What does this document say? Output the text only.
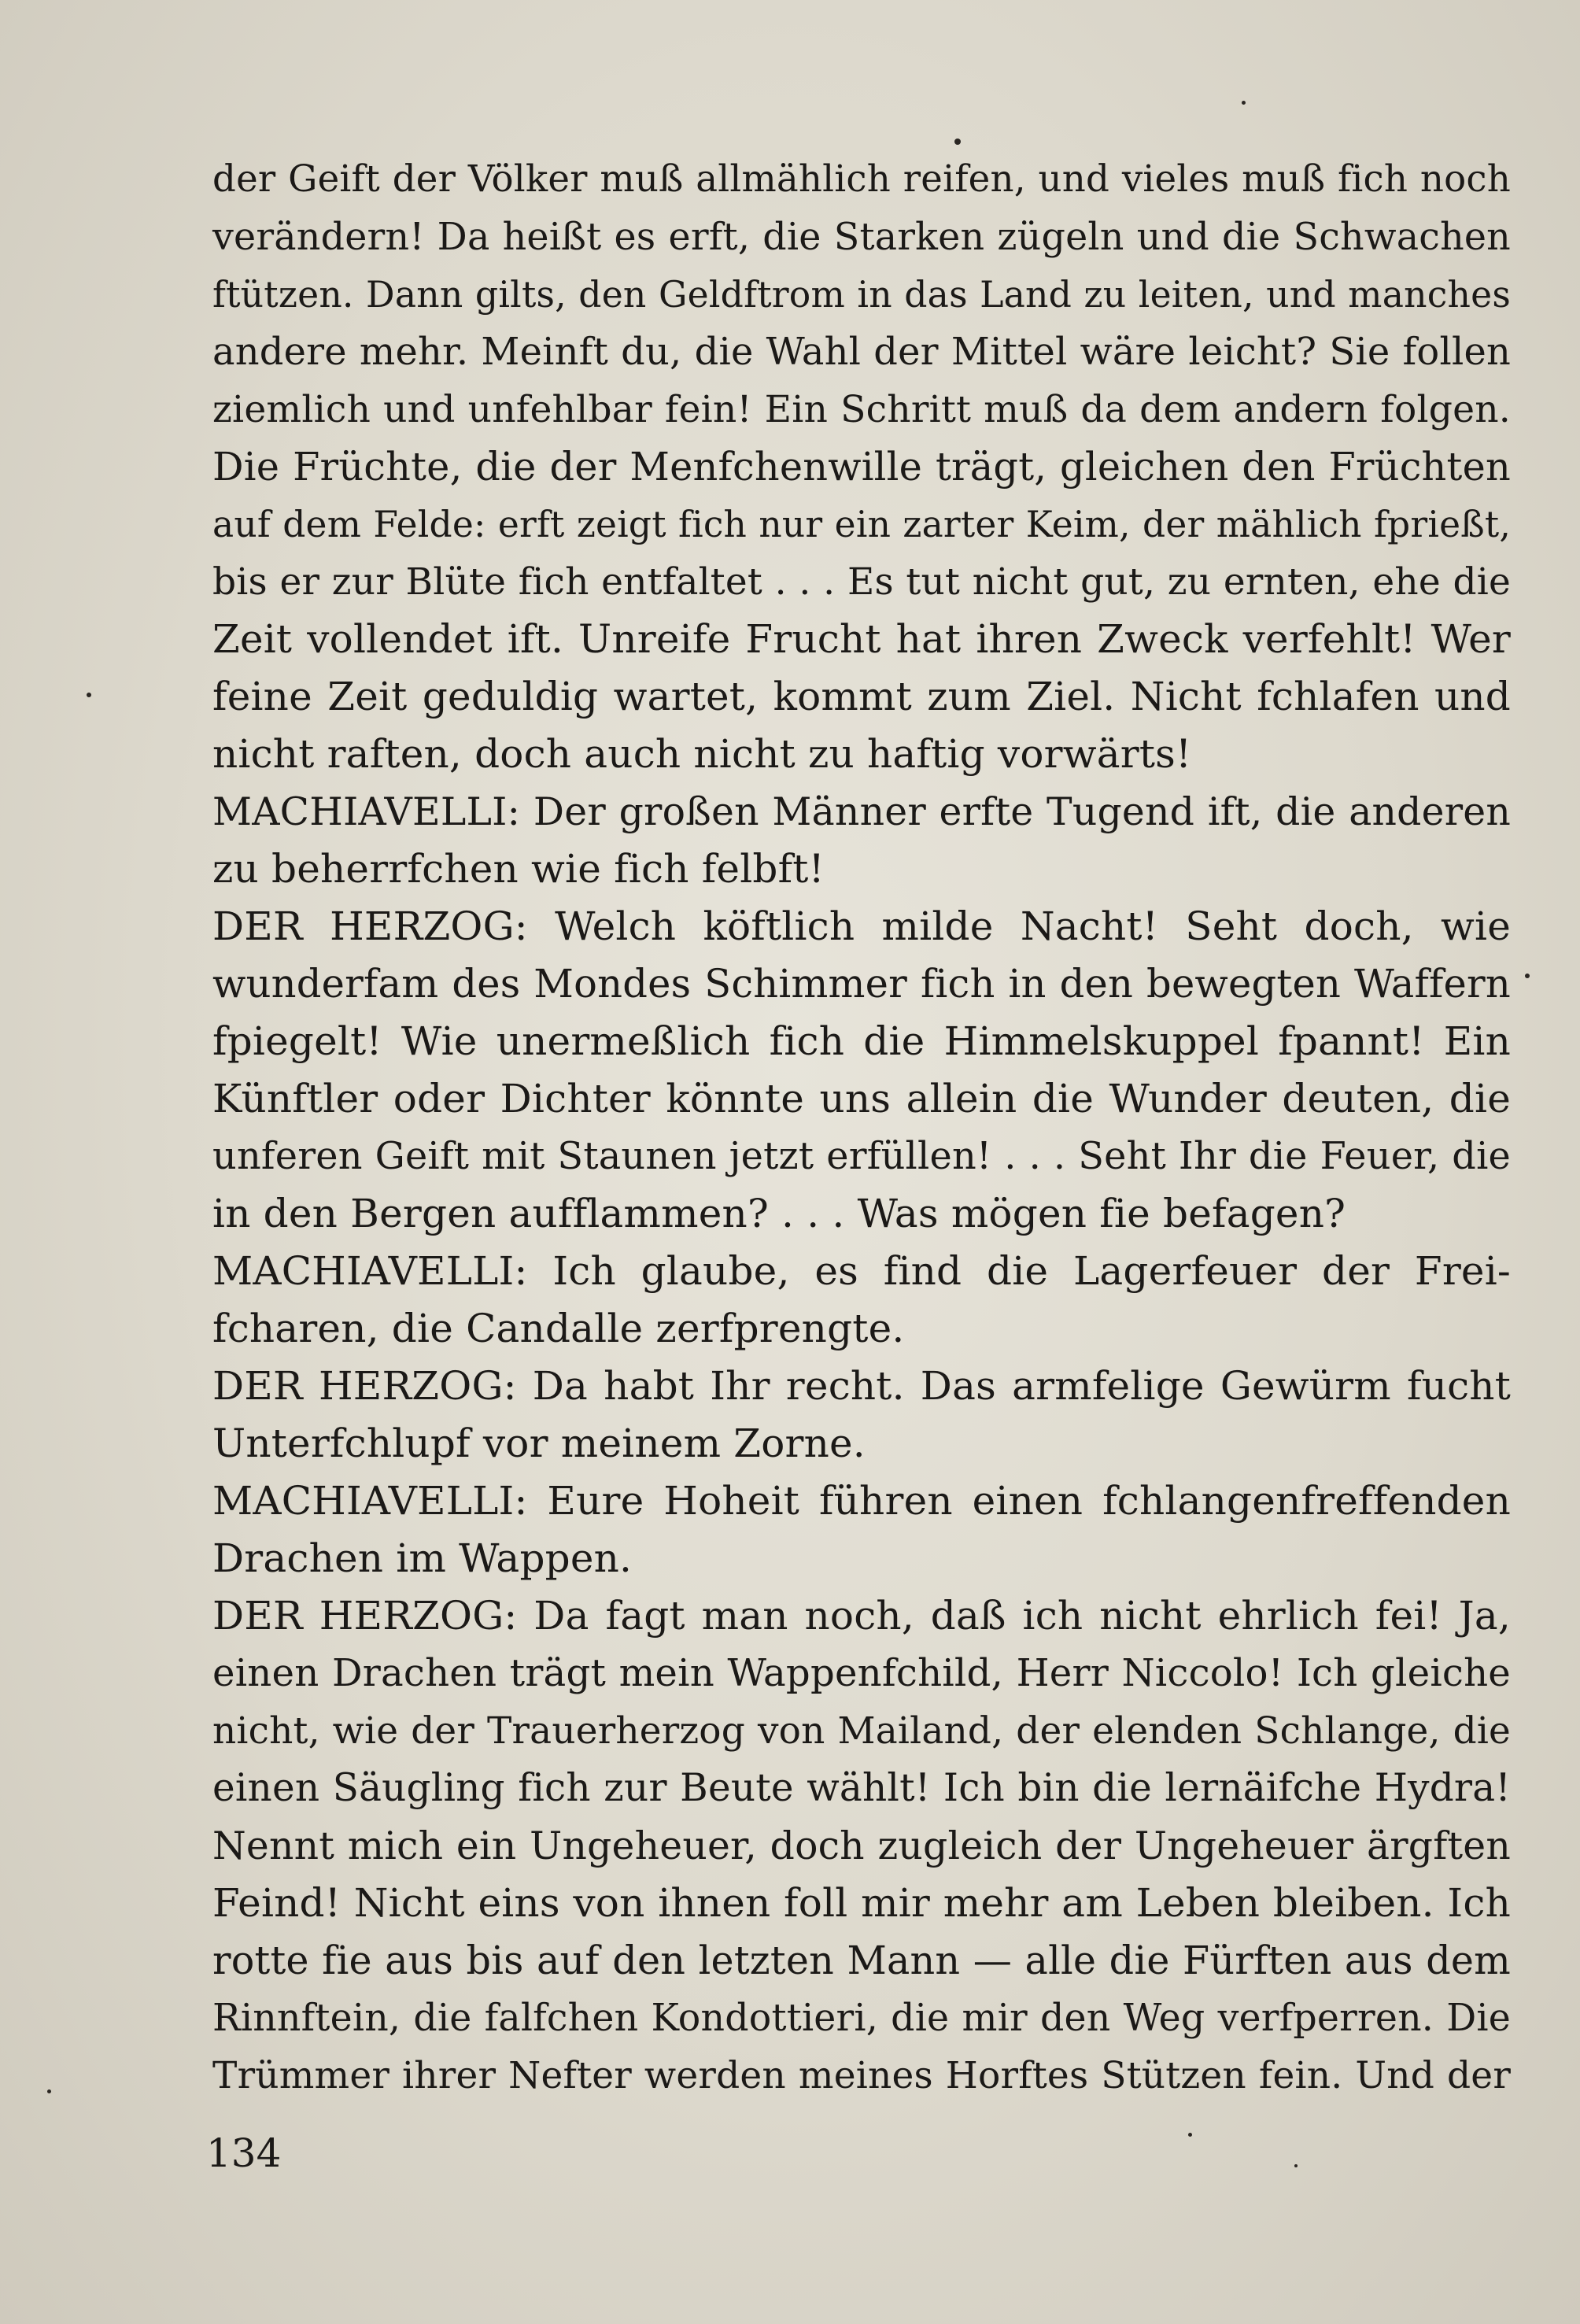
der Geift der Völker muß allmählich reifen, und vieles muß fich noch
verändern! Da heißt es erft, die Starken zügeln und die Schwachen
ftützen. Dann gilts, den Geldftrom in das Land zu leiten, und manches
andere mehr. Meinft du, die Wahl der Mittel wäre leicht? Sie follen
ziemlich und unfehlbar fein! Ein Schritt muß da dem andern folgen.
Die Früchte, die der Menfchenwille trägt, gleichen den Früchten
auf dem Felde: erft zeigt fich nur ein zarter Keim, der mählich fprießt,
bis er zur Blüte fich entfaltet . . . Es tut nicht gut, zu ernten, ehe die
Zeit vollendet ift. Unreife Frucht hat ihren Zweck verfehlt! Wer
feine Zeit geduldig wartet, kommt zum Ziel. Nicht fchlafen und
nicht raften, doch auch nicht zu haftig vorwärts!
MACHIAVELLI: Der großen Männer erfte Tugend ift, die anderen
zu beherrfchen wie fich felbft!
DER HERZOG: Welch köftlich milde Nacht! Seht doch, wie
wunderfam des Mondes Schimmer fich in den bewegten Waffern
fpiegelt! Wie unermeßlich fich die Himmelskuppel fpannt! Ein
Künftler oder Dichter könnte uns allein die Wunder deuten, die
unferen Geift mit Staunen jetzt erfüllen! . . . Seht Ihr die Feuer, die
in den Bergen aufflammen? . . . Was mögen fie befagen?
MACHIAVELLI: Ich glaube, es find die Lagerfeuer der Frei-
fcharen, die Candalle zerfprengte.
DER HERZOG: Da habt Ihr recht. Das armfelige Gewürm fucht
Unterfchlupf vor meinem Zorne.
MACHIAVELLI: Eure Hoheit führen einen fchlangenfreffenden
Drachen im Wappen.
DER HERZOG: Da fagt man noch, daß ich nicht ehrlich fei! Ja,
einen Drachen trägt mein Wappenfchild, Herr Niccolo! Ich gleiche
nicht, wie der Trauerherzog von Mailand, der elenden Schlange, die
einen Säugling fich zur Beute wählt! Ich bin die lernäifche Hydra!
Nennt mich ein Ungeheuer, doch zugleich der Ungeheuer ärgften
Feind! Nicht eins von ihnen foll mir mehr am Leben bleiben. Ich
rotte fie aus bis auf den letzten Mann — alle die Fürften aus dem
Rinnftein, die falfchen Kondottieri, die mir den Weg verfperren. Die
Trümmer ihrer Nefter werden meines Horftes Stützen fein. Und der
134
